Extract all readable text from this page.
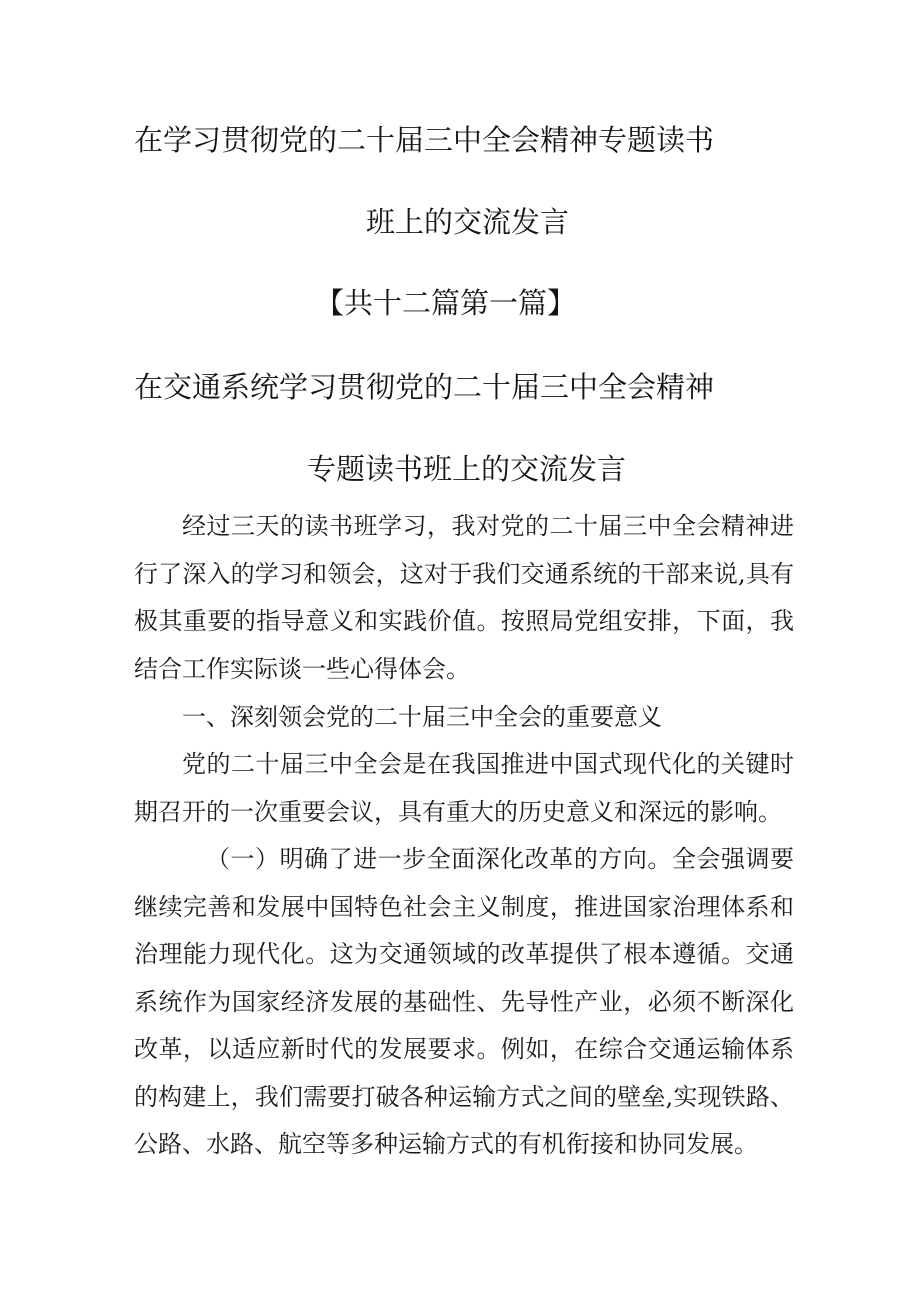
在学习贯彻党的二十届三中全会精神专题读书
班上的交流发言
【共十二篇第一篇】
在交通系统学习贯彻党的二十届三中全会精神
专题读书班上的交流发言

经过三天的读书班学习，我对党的二十届三中全会精神进行了深入的学习和领会，这对于我们交通系统的干部来说,具有极其重要的指导意义和实践价值。按照局党组安排，下面，我结合工作实际谈一些心得体会。

一、深刻领会党的二十届三中全会的重要意义

党的二十届三中全会是在我国推进中国式现代化的关键时期召开的一次重要会议，具有重大的历史意义和深远的影响。

（一）明确了进一步全面深化改革的方向。全会强调要继续完善和发展中国特色社会主义制度，推进国家治理体系和治理能力现代化。这为交通领域的改革提供了根本遵循。交通系统作为国家经济发展的基础性、先导性产业，必须不断深化改革，以适应新时代的发展要求。例如，在综合交通运输体系的构建上，我们需要打破各种运输方式之间的壁垒,实现铁路、公路、水路、航空等多种运输方式的有机衔接和协同发展。
